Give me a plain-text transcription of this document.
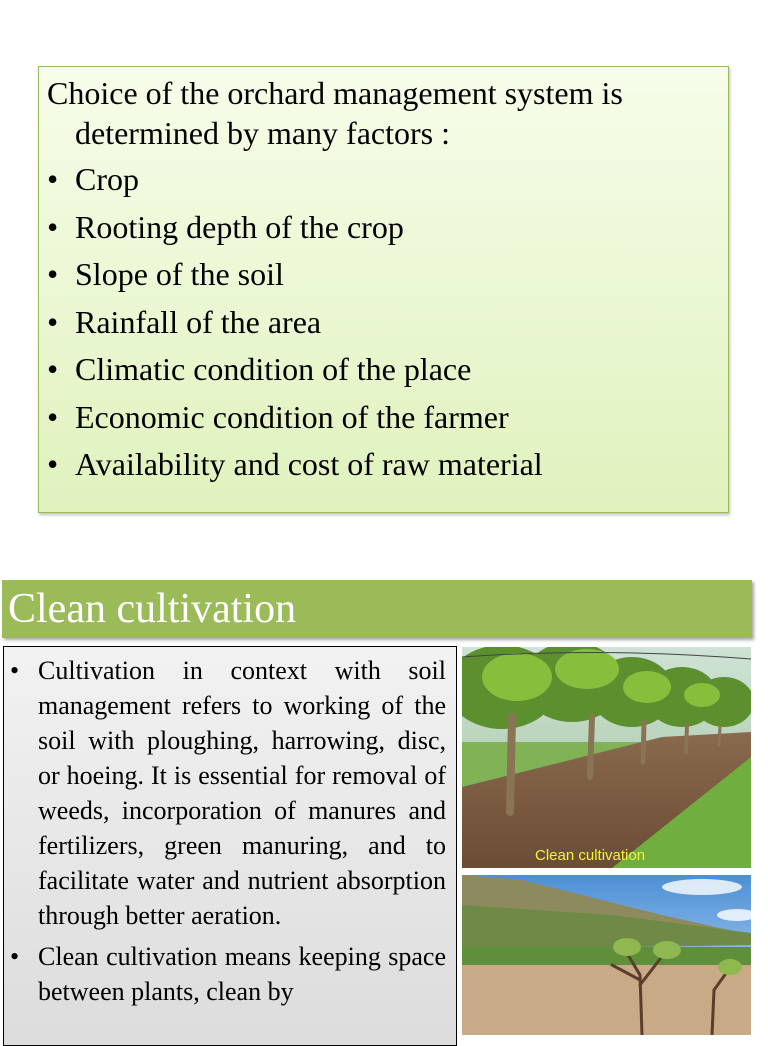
Choice of the orchard management system is determined by many factors :

• Crop
• Rooting depth of the crop
• Slope of the soil
• Rainfall of the area
• Climatic condition of the place
• Economic condition of the farmer
• Availability and cost of raw material
Clean cultivation
• Cultivation in context with soil management refers to working of the soil with ploughing, harrowing, disc, or hoeing. It is essential for removal of weeds, incorporation of manures and fertilizers, green manuring, and to facilitate water and nutrient absorption through better aeration.
• Clean cultivation means keeping space between plants, clean by
Clean cultivation
